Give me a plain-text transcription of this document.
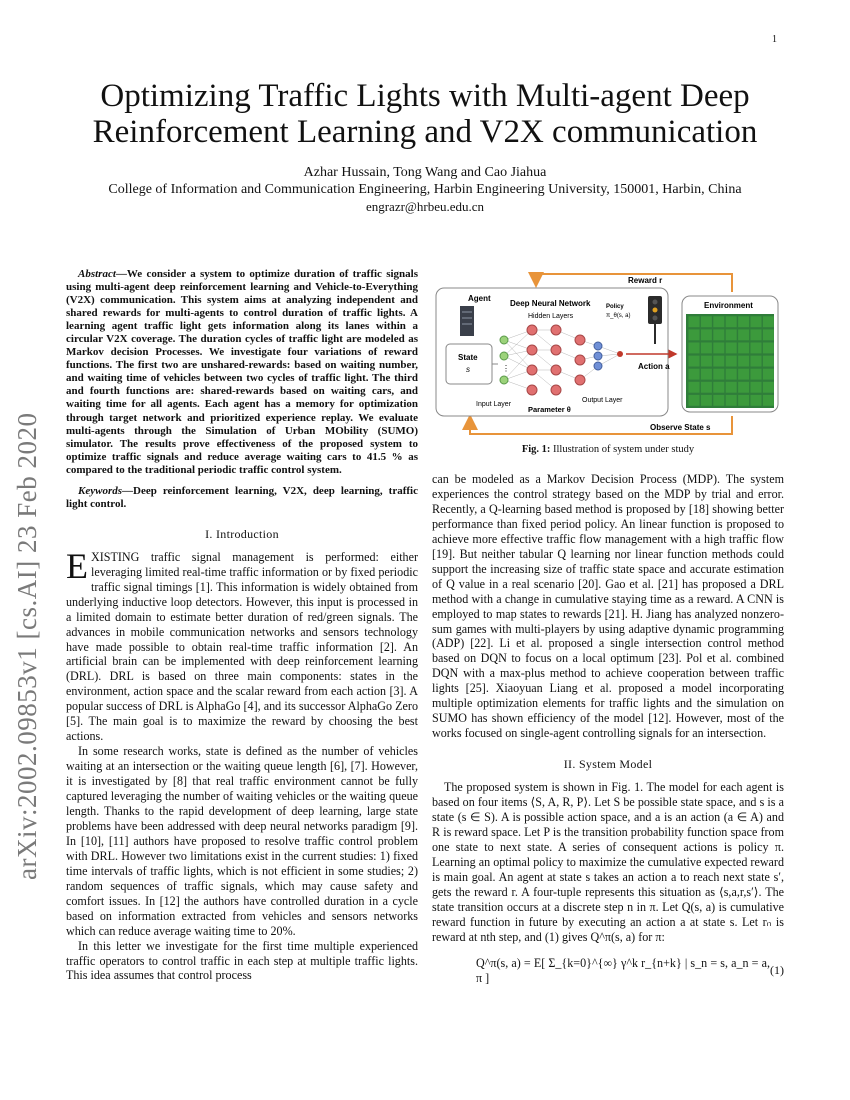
1
arXiv:2002.09853v1 [cs.AI] 23 Feb 2020
Optimizing Traffic Lights with Multi-agent Deep
Reinforcement Learning and V2X communication
Azhar Hussain, Tong Wang and Cao Jiahua
College of Information and Communication Engineering, Harbin Engineering University, 150001, Harbin, China
engrazr@hrbeu.edu.cn

Abstract—We consider a system to optimize duration of traffic signals using multi-agent deep reinforcement learning and Vehicle-to-Everything (V2X) communication. This system aims at analyzing independent and shared rewards for multi-agents to control duration of traffic lights. A learning agent traffic light gets information along its lanes within a circular V2X coverage. The duration cycles of traffic light are modeled as Markov decision Processes. We investigate four variations of reward functions. The first two are unshared-rewards: based on waiting number, and waiting time of vehicles between two cycles of traffic light. The third and fourth functions are: shared-rewards based on waiting cars, and waiting time for all agents. Each agent has a memory for optimization through target network and prioritized experience replay. We evaluate multi-agents through the Simulation of Urban MObility (SUMO) simulator. The results prove effectiveness of the proposed system to optimize traffic signals and reduce average waiting cars to 41.5 % as compared to the traditional periodic traffic control system.

Keywords—Deep reinforcement learning, V2X, deep learning, traffic light control.

I. Introduction

EXISTING traffic signal management is performed: either leveraging limited real-time traffic information or by fixed periodic traffic signal timings [1]. This information is widely obtained from underlying inductive loop detectors. However, this input is processed in a limited domain to estimate better duration of red/green signals. The advances in mobile communication networks and sensors technology have made possible to obtain real-time traffic information [2]. An artificial brain can be implemented with deep reinforcement learning (DRL). DRL is based on three main components: states in the environment, action space and the scalar reward from each action [3]. A popular success of DRL is AlphaGo [4], and its successor AlphaGo Zero [5]. The main goal is to maximize the reward by choosing the best actions.

In some research works, state is defined as the number of vehicles waiting at an intersection or the waiting queue length [6], [7]. However, it is investigated by [8] that real traffic environment cannot be fully captured leveraging the number of waiting vehicles or the waiting queue length. Thanks to the rapid development of deep learning, large state problems have been addressed with deep neural networks paradigm [9]. In [10], [11] authors have proposed to resolve traffic control problem with DRL. However two limitations exist in the current studies: 1) fixed time intervals of traffic lights, which is not efficient in some studies; 2) random sequences of traffic signals, which may cause safety and comfort issues. In [12] the authors have controlled duration in a cycle based on information extracted from vehicles and sensors networks which can reduce average waiting time to 20%.

In this letter we investigate for the first time multiple experienced traffic operators to control traffic in each step at multiple traffic lights. This idea assumes that control process

Reward r
Observe State s
Agent
State
s
Deep Neural Network
Hidden Layers
Policy
π_θ(s, a)
⋮
Input Layer
Output Layer
Parameter θ
Action a
Environment
Fig. 1: Illustration of system under study

can be modeled as a Markov Decision Process (MDP). The system experiences the control strategy based on the MDP by trial and error. Recently, a Q-learning based method is proposed by [18] showing better performance than fixed period policy. An linear function is proposed to achieve more effective traffic flow management with a high traffic flow [19]. But neither tabular Q learning nor linear function methods could support the increasing size of traffic state space and accurate estimation of Q value in a real scenario [20]. Gao et al. [21] has proposed a DRL method with a change in cumulative staying time as a reward. A CNN is employed to map states to rewards [21]. H. Jiang has analyzed nonzero-sum games with multi-players by using adaptive dynamic programming (ADP) [22]. Li et al. proposed a single intersection control method based on DQN to focus on a local optimum [23]. Pol et al. combined DQN with a max-plus method to achieve cooperation between traffic lights [25]. Xiaoyuan Liang et al. proposed a model incorporating multiple optimization elements for traffic lights and the simulation on SUMO has shown efficiency of the model [12]. However, most of the works focused on single-agent controlling signals for an intersection.

II. System Model

The proposed system is shown in Fig. 1. The model for each agent is based on four items ⟨S, A, R, P⟩. Let S be possible state space, and s is a state (s ∈ S). A is possible action space, and a is an action (a ∈ A) and R is reward space. Let P is the transition probability function space from one state to next state. A series of consequent actions is policy π. Learning an optimal policy to maximize the cumulative expected reward is main goal. An agent at state s takes an action a to reach next state s′, gets the reward r. A four-tuple represents this situation as ⟨s,a,r,s′⟩. The state transition occurs at a discrete step n in π. Let Q(s, a) is cumulative reward function in future by executing an action a at state s. Let rₙ is reward at nth step, and (1) gives Q^π(s, a) for π:

Q^π(s, a) = E[ Σ_{k=0}^{∞} γ^k r_{n+k} | s_n = s, a_n = a, π ]
(1)
